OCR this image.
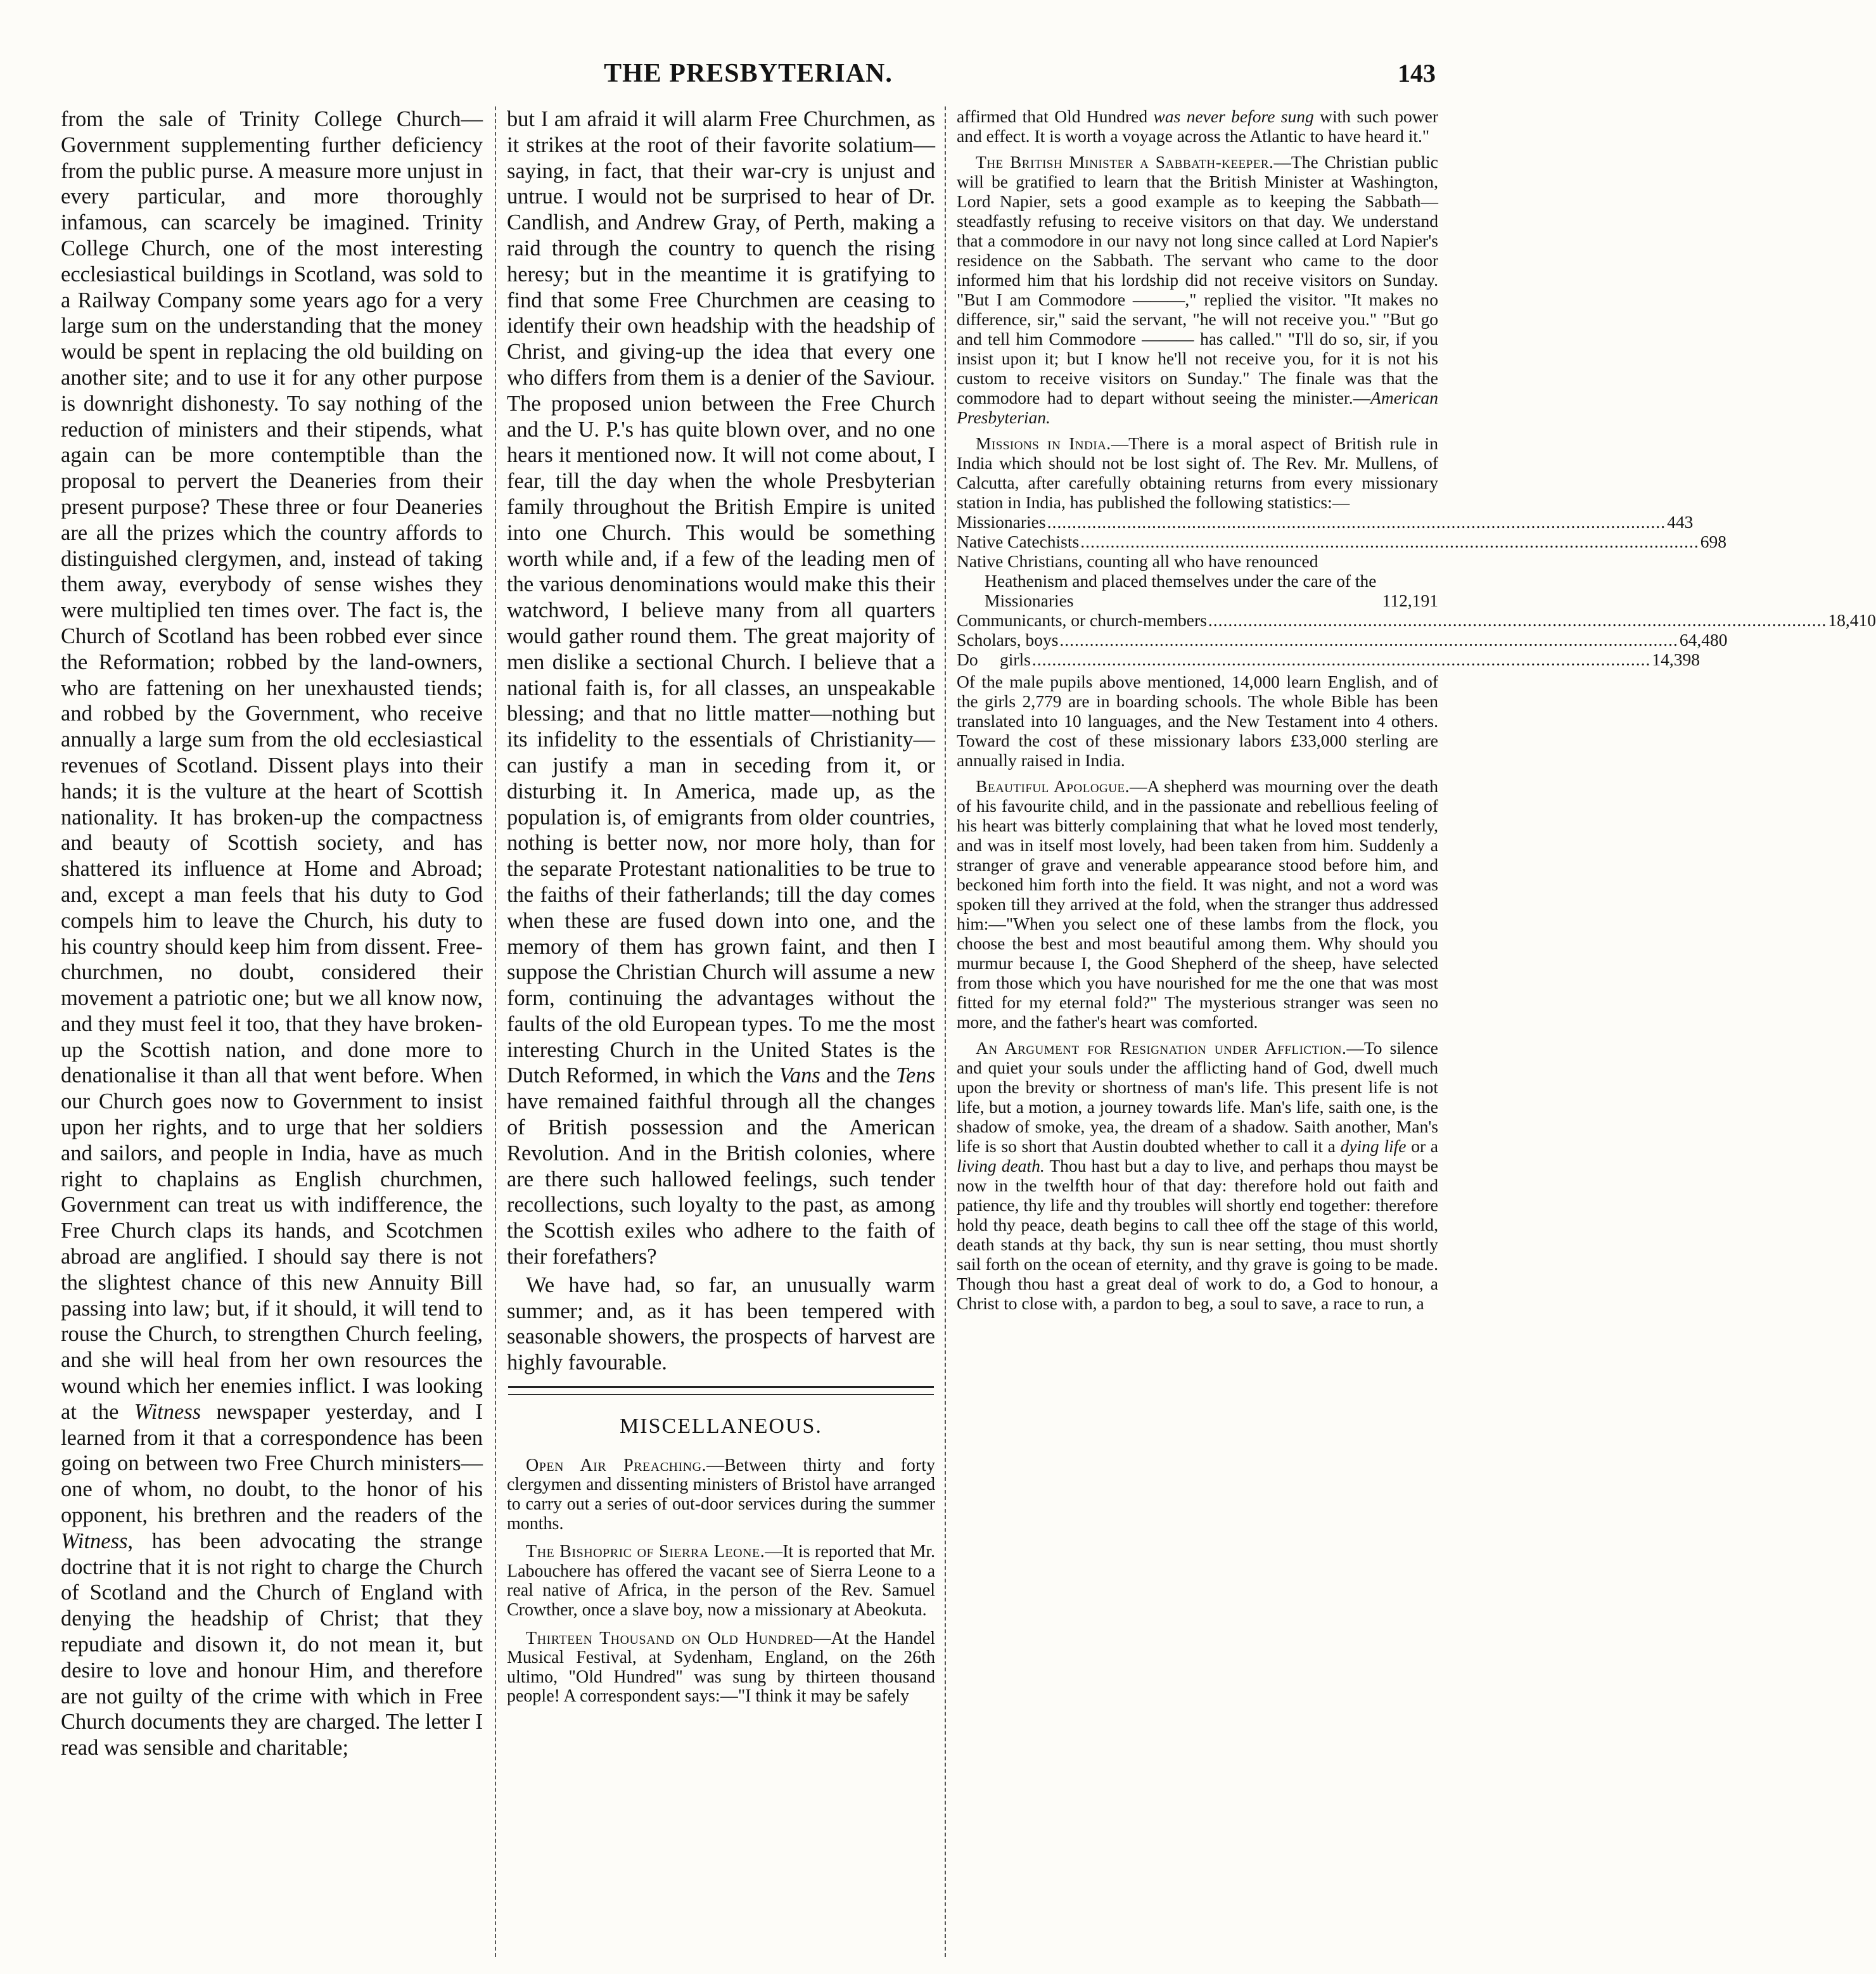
THE PRESBYTERIAN.	143

from the sale of Trinity College Church—Government supplementing further deficiency from the public purse. A measure more unjust in every particular, and more thoroughly infamous, can scarcely be imagined. Trinity College Church, one of the most interesting ecclesiastical buildings in Scotland, was sold to a Railway Company some years ago for a very large sum on the understanding that the money would be spent in replacing the old building on another site; and to use it for any other purpose is downright dishonesty. To say nothing of the reduction of ministers and their stipends, what again can be more contemptible than the proposal to pervert the Deaneries from their present purpose? These three or four Deaneries are all the prizes which the country affords to distinguished clergymen, and, instead of taking them away, everybody of sense wishes they were multiplied ten times over. The fact is, the Church of Scotland has been robbed ever since the Reformation; robbed by the land-owners, who are fattening on her unexhausted tiends; and robbed by the Government, who receive annually a large sum from the old ecclesiastical revenues of Scotland. Dissent plays into their hands; it is the vulture at the heart of Scottish nationality. It has broken-up the compactness and beauty of Scottish society, and has shattered its influence at Home and Abroad; and, except a man feels that his duty to God compels him to leave the Church, his duty to his country should keep him from dissent. Free-churchmen, no doubt, considered their movement a patriotic one; but we all know now, and they must feel it too, that they have broken-up the Scottish nation, and done more to denationalise it than all that went before. When our Church goes now to Government to insist upon her rights, and to urge that her soldiers and sailors, and people in India, have as much right to chaplains as English churchmen, Government can treat us with indifference, the Free Church claps its hands, and Scotchmen abroad are anglified. I should say there is not the slightest chance of this new Annuity Bill passing into law; but, if it should, it will tend to rouse the Church, to strengthen Church feeling, and she will heal from her own resources the wound which her enemies inflict. I was looking at the Witness newspaper yesterday, and I learned from it that a correspondence has been going on between two Free Church ministers—one of whom, no doubt, to the honor of his opponent, his brethren and the readers of the Witness, has been advocating the strange doctrine that it is not right to charge the Church of Scotland and the Church of England with denying the headship of Christ; that they repudiate and disown it, do not mean it, but desire to love and honour Him, and therefore are not guilty of the crime with which in Free Church documents they are charged. The letter I read was sensible and charitable;

but I am afraid it will alarm Free Churchmen, as it strikes at the root of their favorite solatium—saying, in fact, that their war-cry is unjust and untrue. I would not be surprised to hear of Dr. Candlish, and Andrew Gray, of Perth, making a raid through the country to quench the rising heresy; but in the meantime it is gratifying to find that some Free Churchmen are ceasing to identify their own headship with the headship of Christ, and giving-up the idea that every one who differs from them is a denier of the Saviour. The proposed union between the Free Church and the U. P.'s has quite blown over, and no one hears it mentioned now. It will not come about, I fear, till the day when the whole Presbyterian family throughout the British Empire is united into one Church. This would be something worth while and, if a few of the leading men of the various denominations would make this their watchword, I believe many from all quarters would gather round them. The great majority of men dislike a sectional Church. I believe that a national faith is, for all classes, an unspeakable blessing; and that no little matter—nothing but its infidelity to the essentials of Christianity—can justify a man in seceding from it, or disturbing it. In America, made up, as the population is, of emigrants from older countries, nothing is better now, nor more holy, than for the separate Protestant nationalities to be true to the faiths of their fatherlands; till the day comes when these are fused down into one, and the memory of them has grown faint, and then I suppose the Christian Church will assume a new form, continuing the advantages without the faults of the old European types. To me the most interesting Church in the United States is the Dutch Reformed, in which the Vans and the Tens have remained faithful through all the changes of British possession and the American Revolution. And in the British colonies, where are there such hallowed feelings, such tender recollections, such loyalty to the past, as among the Scottish exiles who adhere to the faith of their forefathers?

We have had, so far, an unusually warm summer; and, as it has been tempered with seasonable showers, the prospects of harvest are highly favourable.

MISCELLANEOUS.

Open Air Preaching.—Between thirty and forty clergymen and dissenting ministers of Bristol have arranged to carry out a series of out-door services during the summer months.

The Bishopric of Sierra Leone.—It is reported that Mr. Labouchere has offered the vacant see of Sierra Leone to a real native of Africa, in the person of the Rev. Samuel Crowther, once a slave boy, now a missionary at Abeokuta.

Thirteen Thousand on Old Hundred—At the Handel Musical Festival, at Sydenham, England, on the 26th ultimo, "Old Hundred" was sung by thirteen thousand people! A correspondent says:—"I think it may be safely

affirmed that Old Hundred was never before sung with such power and effect. It is worth a voyage across the Atlantic to have heard it."

The British Minister a Sabbath-keeper.—The Christian public will be gratified to learn that the British Minister at Washington, Lord Napier, sets a good example as to keeping the Sabbath—steadfastly refusing to receive visitors on that day. We understand that a commodore in our navy not long since called at Lord Napier's residence on the Sabbath. The servant who came to the door informed him that his lordship did not receive visitors on Sunday. "But I am Commodore ———," replied the visitor. "It makes no difference, sir," said the servant, "he will not receive you." "But go and tell him Commodore ——— has called." "I'll do so, sir, if you insist upon it; but I know he'll not receive you, for it is not his custom to receive visitors on Sunday." The finale was that the commodore had to depart without seeing the minister.—American Presbyterian.

Missions in India.—There is a moral aspect of British rule in India which should not be lost sight of. The Rev. Mr. Mullens, of Calcutta, after carefully obtaining returns from every missionary station in India, has published the following statistics:—

Missionaries .....	443
Native Catechists .....	698
Native Christians, counting all who have renounced Heathenism and placed themselves under the care of the Missionaries	112,191
Communicants, or church-members .....	18,410
Scholars, boys .....	64,480
Do     girls .....	14,398

Of the male pupils above mentioned, 14,000 learn English, and of the girls 2,779 are in boarding schools. The whole Bible has been translated into 10 languages, and the New Testament into 4 others. Toward the cost of these missionary labors £33,000 sterling are annually raised in India.

Beautiful Apologue.—A shepherd was mourning over the death of his favourite child, and in the passionate and rebellious feeling of his heart was bitterly complaining that what he loved most tenderly, and was in itself most lovely, had been taken from him. Suddenly a stranger of grave and venerable appearance stood before him, and beckoned him forth into the field. It was night, and not a word was spoken till they arrived at the fold, when the stranger thus addressed him:—"When you select one of these lambs from the flock, you choose the best and most beautiful among them. Why should you murmur because I, the Good Shepherd of the sheep, have selected from those which you have nourished for me the one that was most fitted for my eternal fold?" The mysterious stranger was seen no more, and the father's heart was comforted.

An Argument for Resignation under Affliction.—To silence and quiet your souls under the afflicting hand of God, dwell much upon the brevity or shortness of man's life. This present life is not life, but a motion, a journey towards life. Man's life, saith one, is the shadow of smoke, yea, the dream of a shadow. Saith another, Man's life is so short that Austin doubted whether to call it a dying life or a living death. Thou hast but a day to live, and perhaps thou mayst be now in the twelfth hour of that day: therefore hold out faith and patience, thy life and thy troubles will shortly end together: therefore hold thy peace, death begins to call thee off the stage of this world, death stands at thy back, thy sun is near setting, thou must shortly sail forth on the ocean of eternity, and thy grave is going to be made. Though thou hast a great deal of work to do, a God to honour, a Christ to close with, a pardon to beg, a soul to save, a race to run, a
